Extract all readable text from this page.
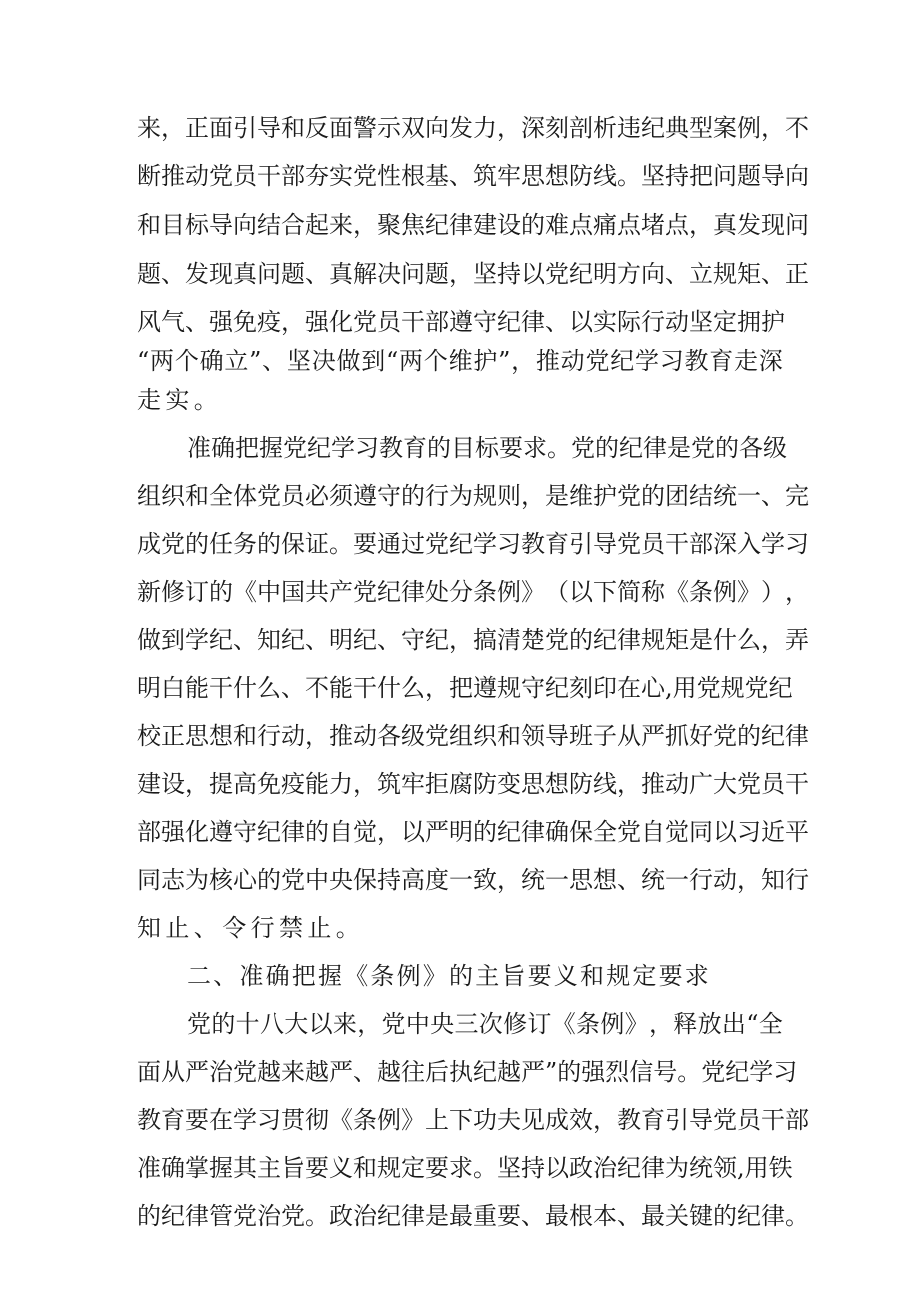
来 ， 正 面 引 导 和 反 面 警 示 双 向 发 力 ， 深 刻 剖 析 违 纪 典 型 案 例 ， 不
断 推 动 党 员 干 部 夯 实 党 性 根 基 、 筑 牢 思 想 防 线 。 坚 持 把 问 题 导 向
和 目 标 导 向 结 合 起 来 ， 聚 焦 纪 律 建 设 的 难 点 痛 点 堵 点 ， 真 发 现 问
题 、 发 现 真 问 题 、 真 解 决 问 题 ， 坚 持 以 党 纪 明 方 向 、 立 规 矩 、 正
风 气 、 强 免 疫 ， 强 化 党 员 干 部 遵 守 纪 律 、 以 实 际 行 动 坚 定 拥 护
“ 两 个 确 立 ” 、 坚 决 做 到 “ 两 个 维 护 ” ， 推 动 党 纪 学 习 教 育 走 深
走实。
准 确 把 握 党 纪 学 习 教 育 的 目 标 要 求 。 党 的 纪 律 是 党 的 各 级
组 织 和 全 体 党 员 必 须 遵 守 的 行 为 规 则 ， 是 维 护 党 的 团 结 统 一 、 完
成 党 的 任 务 的 保 证 。 要 通 过 党 纪 学 习 教 育 引 导 党 员 干 部 深 入 学 习
新 修 订 的 《 中 国 共 产 党 纪 律 处 分 条 例 》 （ 以 下 简 称 《 条 例 》 ） ，
做 到 学 纪 、 知 纪 、 明 纪 、 守 纪 ， 搞 清 楚 党 的 纪 律 规 矩 是 什 么 ， 弄
明 白 能 干 什 么 、 不 能 干 什 么 ， 把 遵 规 守 纪 刻 印 在 心 , 用 党 规 党 纪
校 正 思 想 和 行 动 ， 推 动 各 级 党 组 织 和 领 导 班 子 从 严 抓 好 党 的 纪 律
建 设 ， 提 高 免 疫 能 力 ， 筑 牢 拒 腐 防 变 思 想 防 线 ， 推 动 广 大 党 员 干
部 强 化 遵 守 纪 律 的 自 觉 ， 以 严 明 的 纪 律 确 保 全 党 自 觉 同 以 习 近 平
同 志 为 核 心 的 党 中 央 保 持 高 度 一 致 ， 统 一 思 想 、 统 一 行 动 ， 知 行
知止、令行禁止。
二、准确把握《条例》的主旨要义和规定要求
党 的 十 八 大 以 来 ， 党 中 央 三 次 修 订 《 条 例 》 ， 释 放 出 “ 全
面 从 严 治 党 越 来 越 严 、 越 往 后 执 纪 越 严 ” 的 强 烈 信 号 。 党 纪 学 习
教 育 要 在 学 习 贯 彻 《 条 例 》 上 下 功 夫 见 成 效 ， 教 育 引 导 党 员 干 部
准 确 掌 握 其 主 旨 要 义 和 规 定 要 求 。 坚 持 以 政 治 纪 律 为 统 领 , 用 铁
的 纪 律 管 党 治 党 。 政 治 纪 律 是 最 重 要 、 最 根 本 、 最 关 键 的 纪 律 。
